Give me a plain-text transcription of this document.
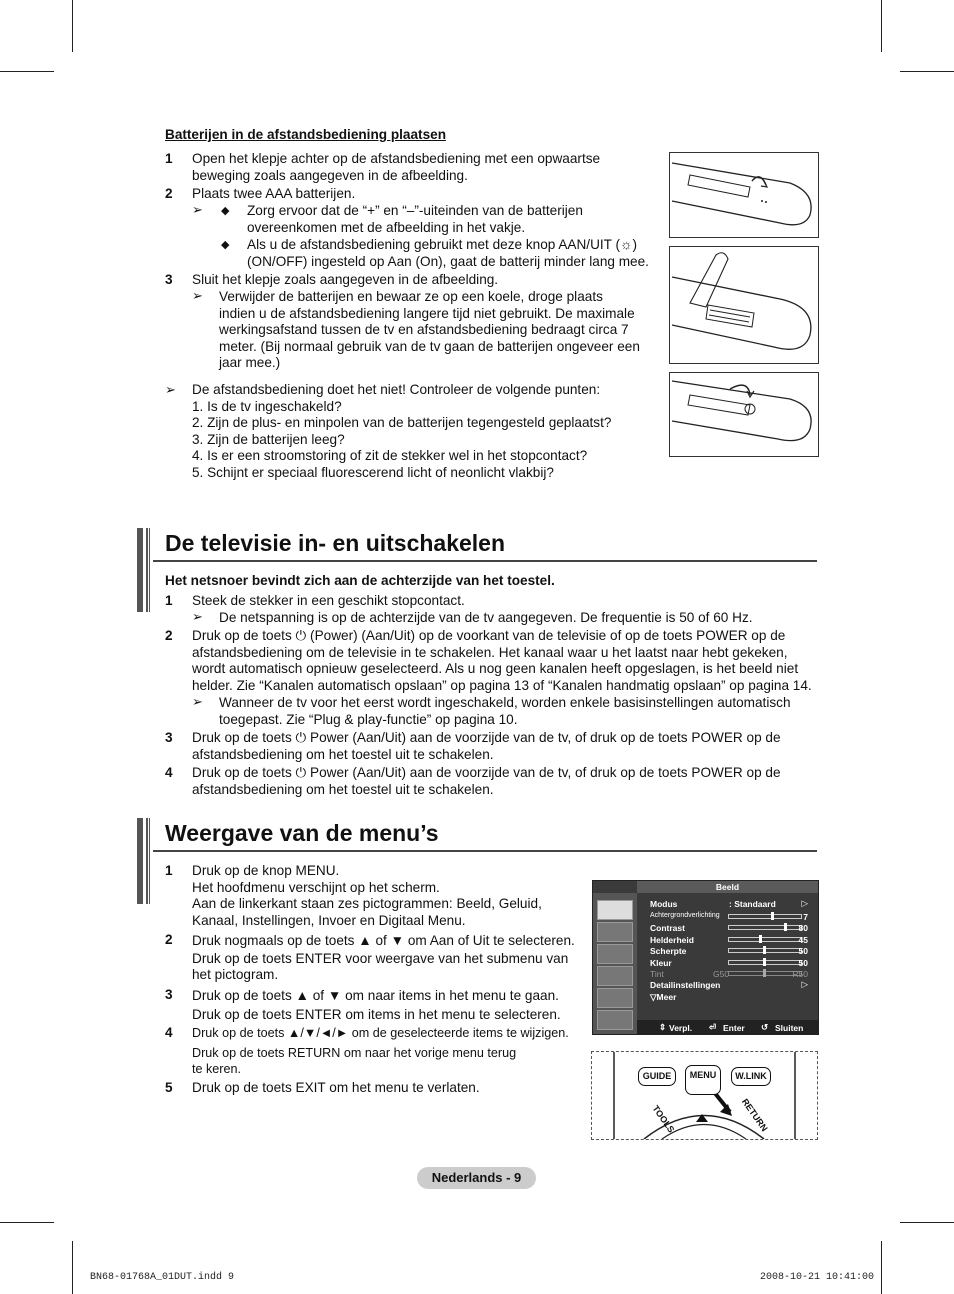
Batterijen in de afstandsbediening plaatsen
1 Open het klepje achter op de afstandsbediening met een opwaartse
beweging zoals aangegeven in de afbeelding.
2 Plaats twee AAA batterijen.
➢ ◆ Zorg ervoor dat de “+” en “–”-uiteinden van de batterijen
overeenkomen met de afbeelding in het vakje.
◆ Als u de afstandsbediening gebruikt met deze knop AAN/UIT (☼)
(ON/OFF) ingesteld op Aan (On), gaat de batterij minder lang mee.
3 Sluit het klepje zoals aangegeven in de afbeelding.
➢ Verwijder de batterijen en bewaar ze op een koele, droge plaats
indien u de afstandsbediening langere tijd niet gebruikt. De maximale
werkingsafstand tussen de tv en afstandsbediening bedraagt circa 7
meter. (Bij normaal gebruik van de tv gaan de batterijen ongeveer een
jaar mee.)
➢ De afstandsbediening doet het niet! Controleer de volgende punten:
1. Is de tv ingeschakeld?
2. Zijn de plus- en minpolen van de batterijen tegengesteld geplaatst?
3. Zijn de batterijen leeg?
4. Is er een stroomstoring of zit de stekker wel in het stopcontact?
5. Schijnt er speciaal fluorescerend licht of neonlicht vlakbij?
De televisie in- en uitschakelen
Het netsnoer bevindt zich aan de achterzijde van het toestel.
1 Steek de stekker in een geschikt stopcontact.
➢ De netspanning is op de achterzijde van de tv aangegeven. De frequentie is 50 of 60 Hz.
2 Druk op de toets ⏻ (Power) (Aan/Uit) op de voorkant van de televisie of op de toets POWER op de
afstandsbediening om de televisie in te schakelen. Het kanaal waar u het laatst naar hebt gekeken,
wordt automatisch opnieuw geselecteerd. Als u nog geen kanalen heeft opgeslagen, is het beeld niet
helder. Zie “Kanalen automatisch opslaan” op pagina 13 of “Kanalen handmatig opslaan” op pagina 14.
➢ Wanneer de tv voor het eerst wordt ingeschakeld, worden enkele basisinstellingen automatisch
toegepast. Zie “Plug & play-functie” op pagina 10.
3 Druk op de toets ⏻ Power (Aan/Uit) aan de voorzijde van de tv, of druk op de toets POWER op de
afstandsbediening om het toestel uit te schakelen.
4 Druk op de toets ⏻ Power (Aan/Uit) aan de voorzijde van de tv, of druk op de toets POWER op de
afstandsbediening om het toestel uit te schakelen.
Weergave van de menu’s
1 Druk op de knop MENU.
Het hoofdmenu verschijnt op het scherm.
Aan de linkerkant staan zes pictogrammen: Beeld, Geluid,
Kanaal, Instellingen, Invoer en Digitaal Menu.
2 Druk nogmaals op de toets ▲ of ▼ om Aan of Uit te selecteren.
Druk op de toets ENTER voor weergave van het submenu van
het pictogram.
3 Druk op de toets ▲ of ▼ om naar items in het menu te gaan.
Druk op de toets ENTER om items in het menu te selecteren.
4 Druk op de toets ▲/▼/◄/► om de geselecteerde items te wijzigen.
Druk op de toets RETURN om naar het vorige menu terug
te keren.
5 Druk op de toets EXIT om het menu te verlaten.
Beeld
Modus	: Standaard	▷
Achtergrondverlichting	7
Contrast	80
Helderheid	45
Scherpte	50
Kleur	50
Tint	G50	R50
Detailinstellingen	▷
▽Meer
⇕ Verpl. ⏎ Enter ↺ Sluiten
GUIDE	MENU	W.LINK
TOOLS	RETURN
Nederlands - 9
BN68-01768A_01DUT.indd 9	2008-10-21 10:41:00
